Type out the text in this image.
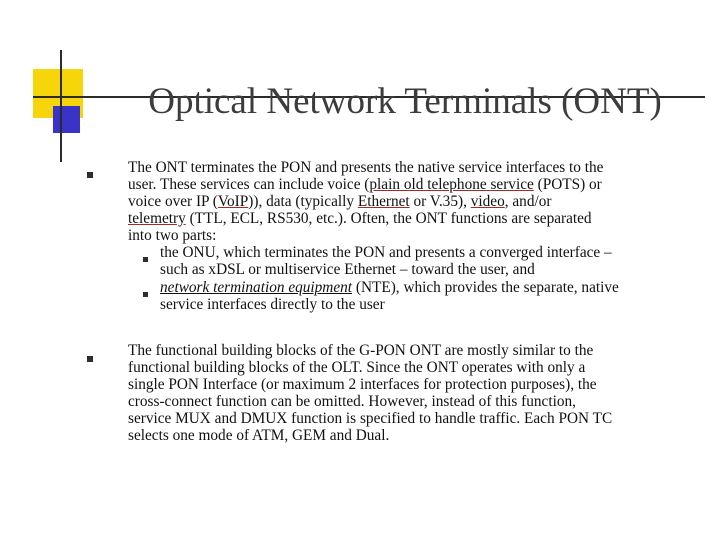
Optical Network Terminals (ONT)
The ONT terminates the PON and presents the native service interfaces to the
user. These services can include voice (plain old telephone service (POTS) or
voice over IP (VoIP)), data (typically Ethernet or V.35), video, and/or
telemetry (TTL, ECL, RS530, etc.). Often, the ONT functions are separated
into two parts:
the ONU, which terminates the PON and presents a converged interface –
such as xDSL or multiservice Ethernet – toward the user, and
network termination equipment (NTE), which provides the separate, native
service interfaces directly to the user
The functional building blocks of the G-PON ONT are mostly similar to the
functional building blocks of the OLT. Since the ONT operates with only a
single PON Interface (or maximum 2 interfaces for protection purposes), the
cross-connect function can be omitted. However, instead of this function,
service MUX and DMUX function is specified to handle traffic. Each PON TC
selects one mode of ATM, GEM and Dual.
